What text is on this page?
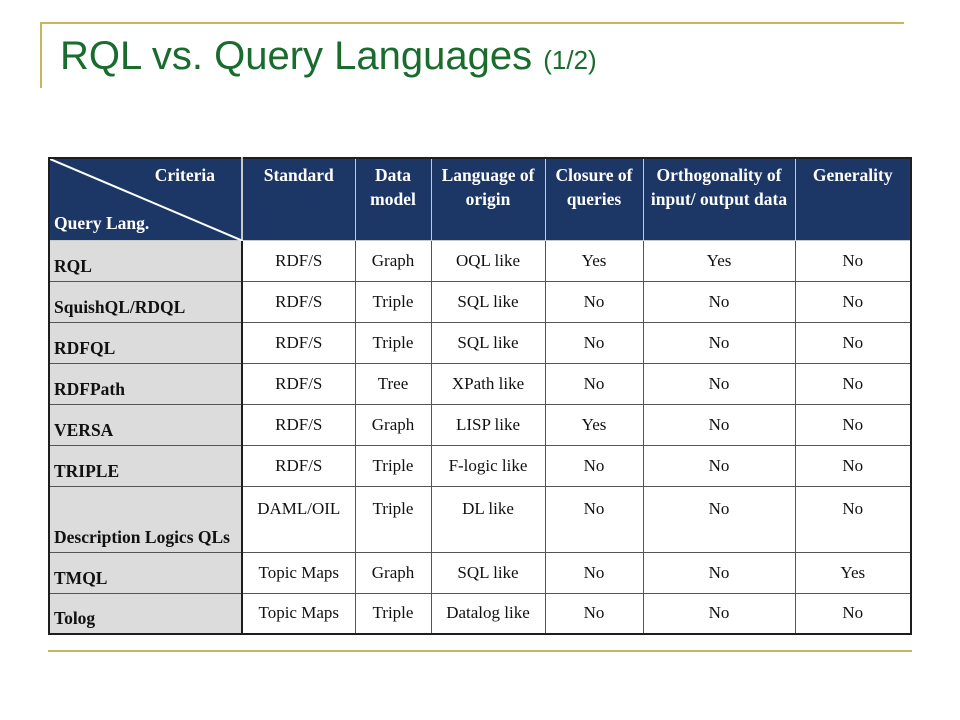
RQL vs. Query Languages (1/2)
Criteria
Query Lang.	Standard	Data model	Language of origin	Closure of queries	Orthogonality of input/ output data	Generality
RQL	RDF/S	Graph	OQL like	Yes	Yes	No
SquishQL/RDQL	RDF/S	Triple	SQL like	No	No	No
RDFQL	RDF/S	Triple	SQL like	No	No	No
RDFPath	RDF/S	Tree	XPath like	No	No	No
VERSA	RDF/S	Graph	LISP like	Yes	No	No
TRIPLE	RDF/S	Triple	F-logic like	No	No	No
Description Logics QLs	DAML/OIL	Triple	DL like	No	No	No
TMQL	Topic Maps	Graph	SQL like	No	No	Yes
Tolog	Topic Maps	Triple	Datalog like	No	No	No
